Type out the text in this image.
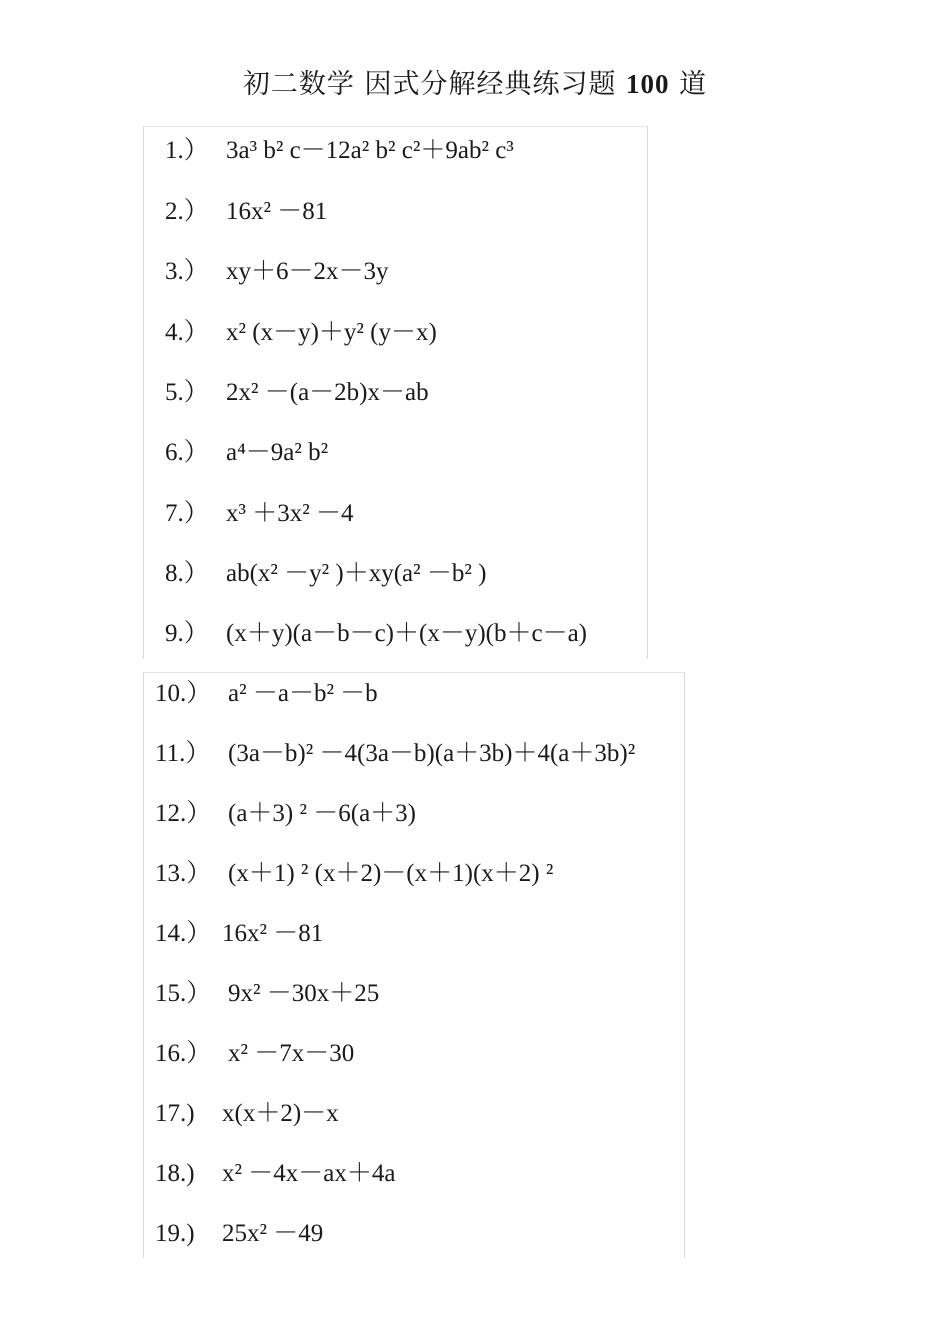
初二数学 因式分解经典练习题 100 道
1.） 3a³ b² c－12a² b² c²＋9ab² c³
2.） 16x² －81
3.） xy＋6－2x－3y
4.） x² (x－y)＋y² (y－x)
5.） 2x² －(a－2b)x－ab
6.） a⁴－9a² b²
7.） x³ ＋3x² －4
8.） ab(x² －y² )＋xy(a² －b² )
9.） (x＋y)(a－b－c)＋(x－y)(b＋c－a)
10.） a² －a－b² －b
11.） (3a－b)² －4(3a－b)(a＋3b)＋4(a＋3b)²
12.） (a＋3) ² －6(a＋3)
13.） (x＋1) ² (x＋2)－(x＋1)(x＋2) ²
14.） 16x² －81
15.） 9x² －30x＋25
16.） x² －7x－30
17.) x(x＋2)－x
18.) x² －4x－ax＋4a
19.) 25x² －49
